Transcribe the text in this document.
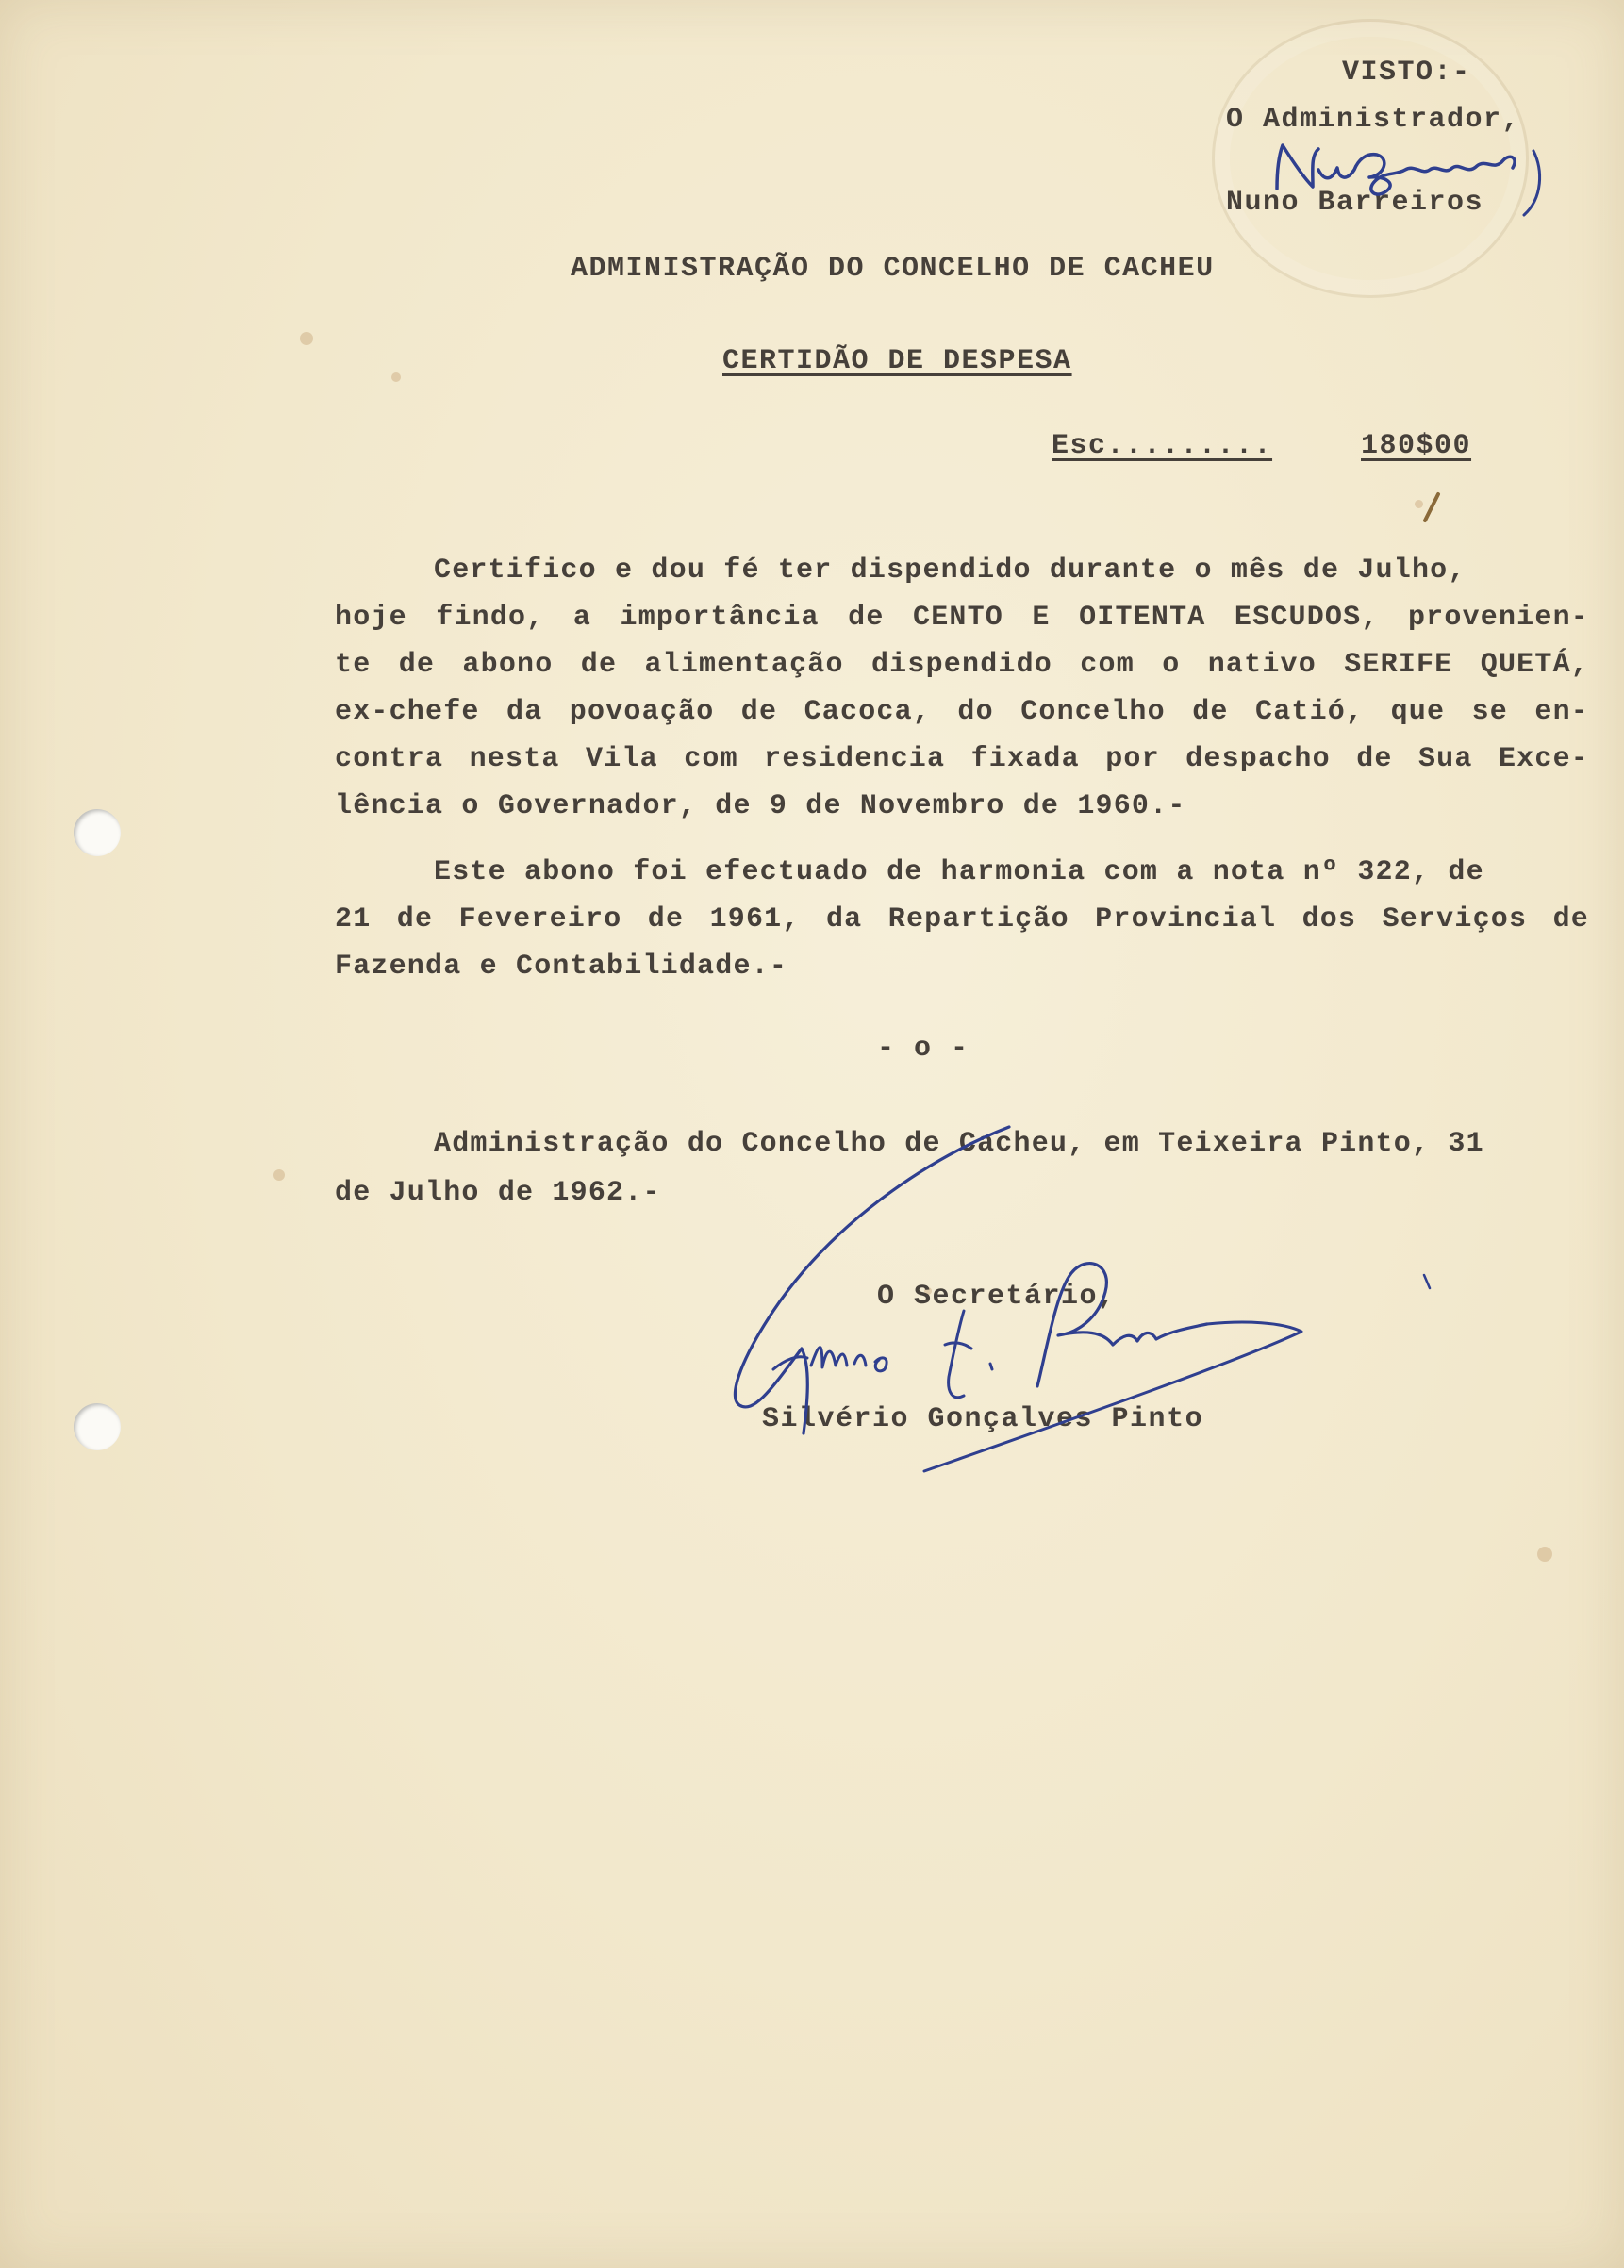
VISTO:-
O Administrador,
Nuno Barreiros
ADMINISTRAÇÃO DO CONCELHO DE CACHEU
CERTIDÃO DE DESPESA
Esc.........	180$00
Certifico e dou fé ter dispendido durante o mês de Julho,
hoje findo, a importância de CENTO E OITENTA ESCUDOS, provenien-
te de abono de alimentação dispendido com o nativo SERIFE QUETÁ,
ex-chefe da povoação de Cacoca, do Concelho de Catió, que se en-
contra nesta Vila com residencia fixada por despacho de Sua Exce-
lência o Governador, de 9 de Novembro de 1960.-
Este abono foi efectuado de harmonia com a nota nº 322, de
21 de Fevereiro de 1961, da Repartição Provincial dos Serviços de
Fazenda e Contabilidade.-
- o -
Administração do Concelho de Cacheu, em Teixeira Pinto, 31
de Julho de 1962.-
O Secretário,
Silvério Gonçalves Pinto
